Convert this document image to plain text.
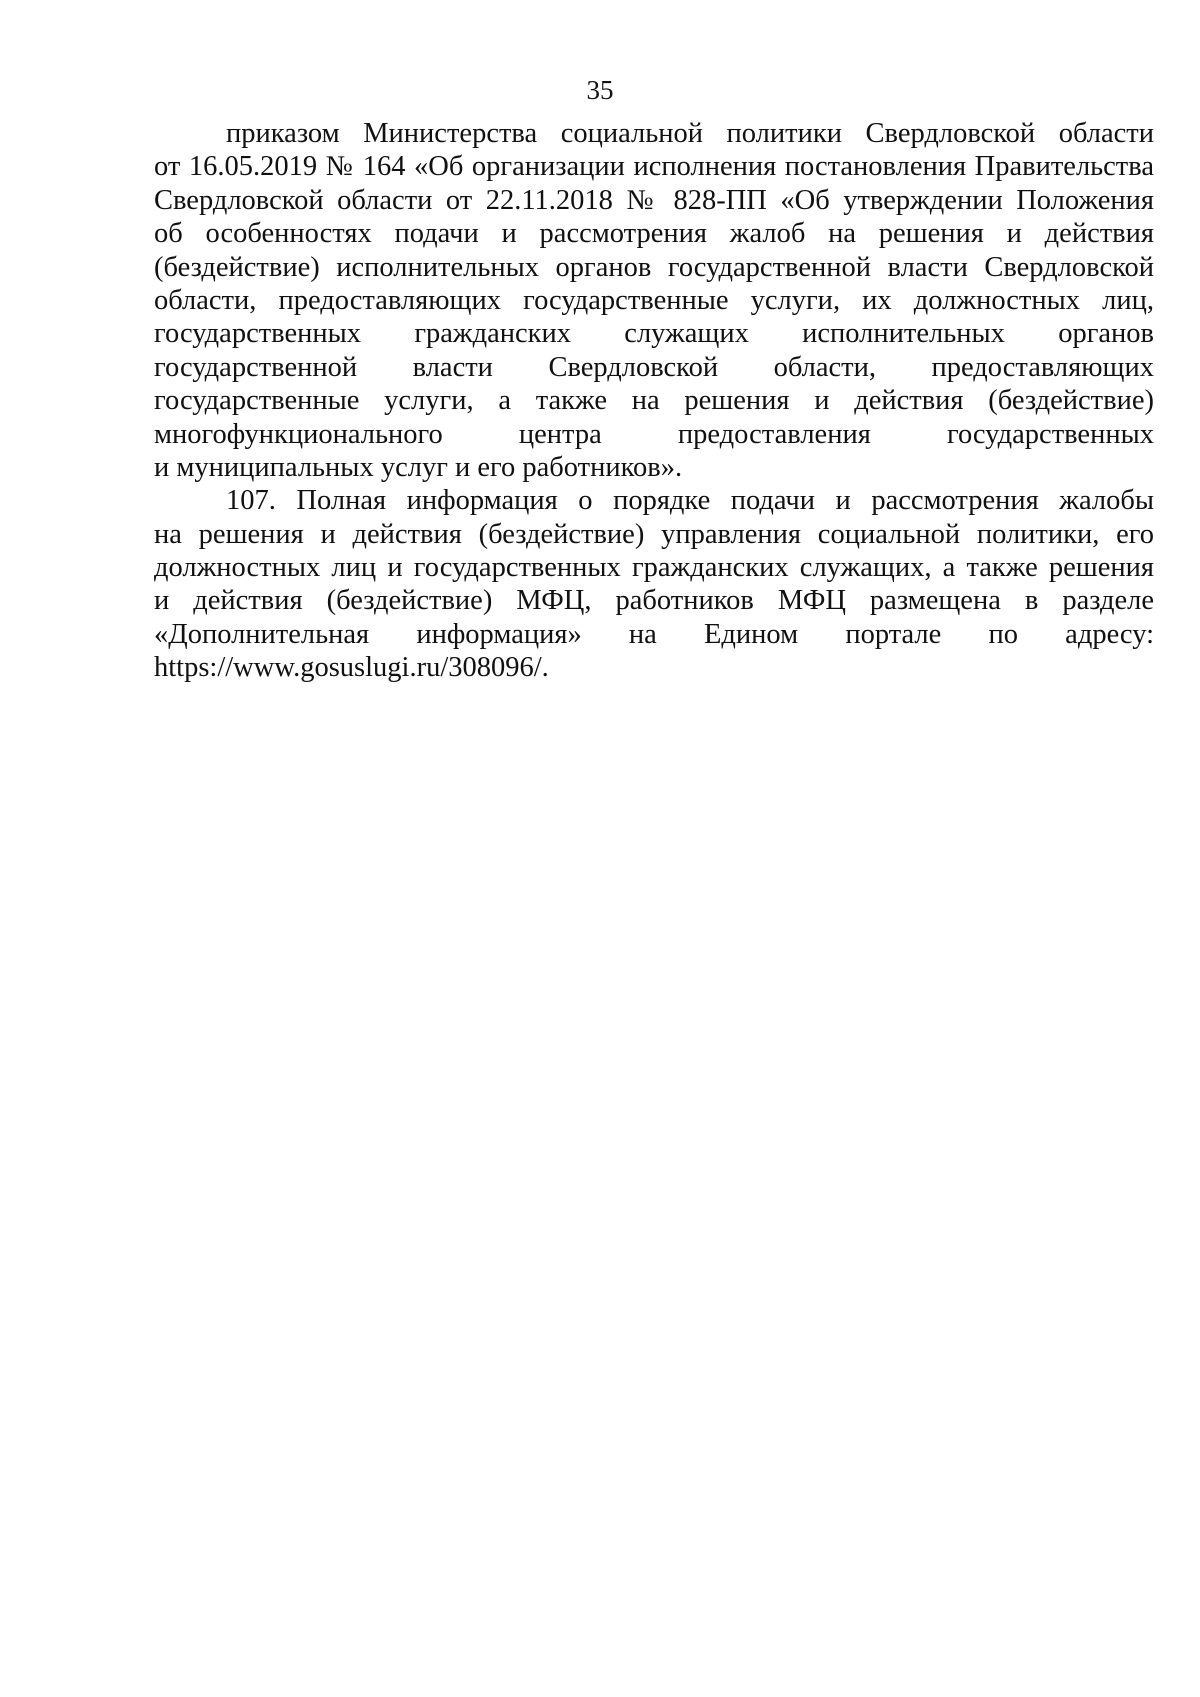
35
приказом Министерства социальной политики Свердловской области
от 16.05.2019 № 164 «Об организации исполнения постановления Правительства
Свердловской области от 22.11.2018 № 828-ПП «Об утверждении Положения
об особенностях подачи и рассмотрения жалоб на решения и действия
(бездействие) исполнительных органов государственной власти Свердловской
области, предоставляющих государственные услуги, их должностных лиц,
государственных гражданских служащих исполнительных органов
государственной власти Свердловской области, предоставляющих
государственные услуги, а также на решения и действия (бездействие)
многофункционального центра предоставления государственных
и муниципальных услуг и его работников».
107. Полная информация о порядке подачи и рассмотрения жалобы
на решения и действия (бездействие) управления социальной политики, его
должностных лиц и государственных гражданских служащих, а также решения
и действия (бездействие) МФЦ, работников МФЦ размещена в разделе
«Дополнительная информация» на Едином портале по адресу:
https://www.gosuslugi.ru/308096/.
